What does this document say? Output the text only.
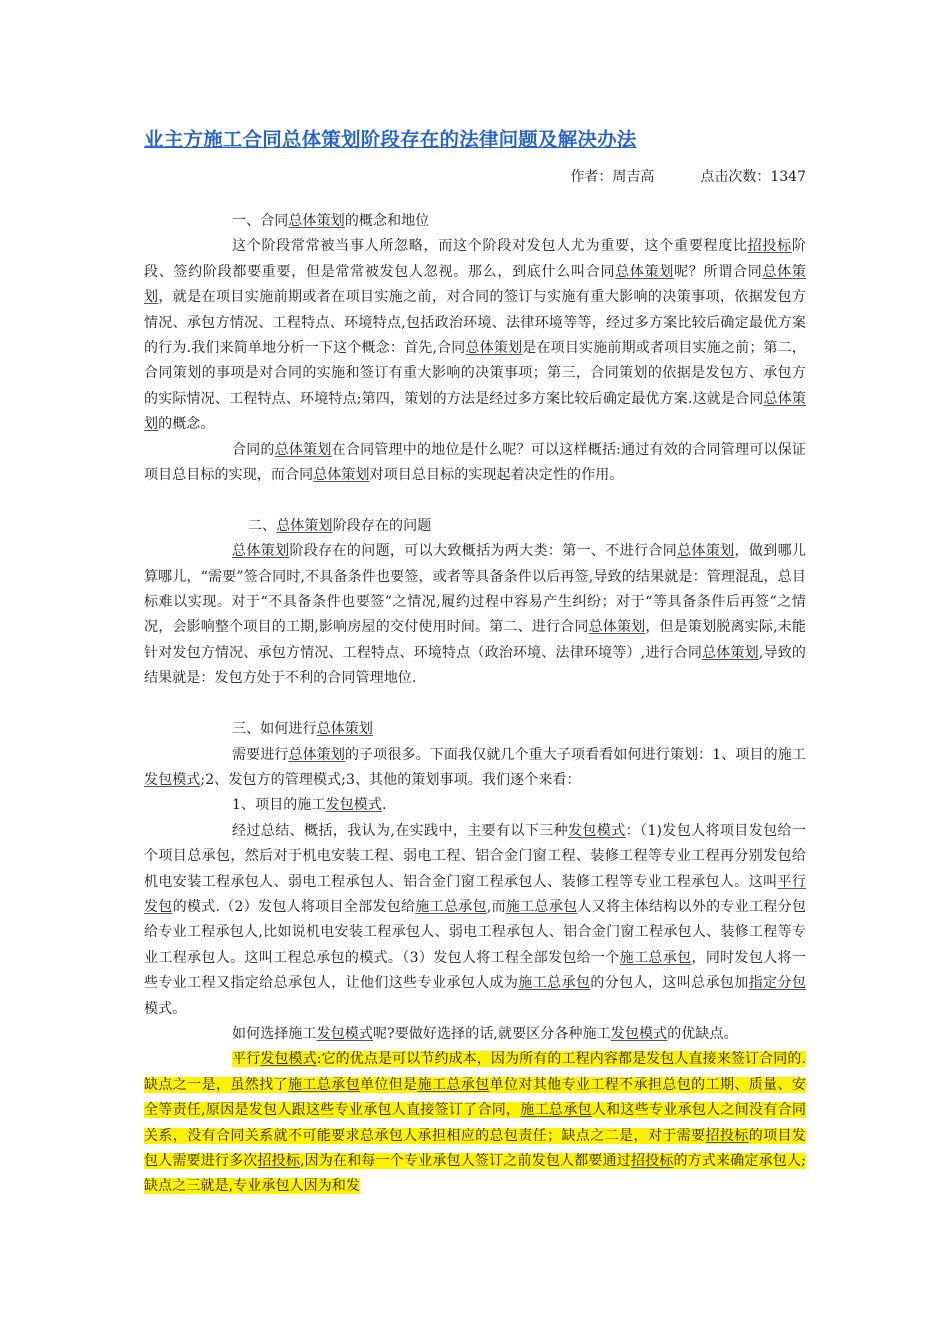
业主方施工合同总体策划阶段存在的法律问题及解决办法
作者：周吉高	点击次数：1347

一、合同总体策划的概念和地位

这个阶段常常被当事人所忽略，而这个阶段对发包人尤为重要，这个重要程度比招投标阶段、签约阶段都要重要，但是常常被发包人忽视。那么，到底什么叫合同总体策划呢？所谓合同总体策划，就是在项目实施前期或者在项目实施之前，对合同的签订与实施有重大影响的决策事项，依据发包方情况、承包方情况、工程特点、环境特点,包括政治环境、法律环境等等，经过多方案比较后确定最优方案的行为.我们来简单地分析一下这个概念：首先,合同总体策划是在项目实施前期或者项目实施之前；第二，合同策划的事项是对合同的实施和签订有重大影响的决策事项；第三，合同策划的依据是发包方、承包方的实际情况、工程特点、环境特点;第四，策划的方法是经过多方案比较后确定最优方案.这就是合同总体策划的概念。

合同的总体策划在合同管理中的地位是什么呢？可以这样概括:通过有效的合同管理可以保证项目总目标的实现，而合同总体策划对项目总目标的实现起着决定性的作用。

二、总体策划阶段存在的问题

总体策划阶段存在的问题，可以大致概括为两大类：第一、不进行合同总体策划，做到哪儿算哪儿，“需要”签合同时,不具备条件也要签，或者等具备条件以后再签,导致的结果就是：管理混乱，总目标难以实现。对于“不具备条件也要签”之情况,履约过程中容易产生纠纷；对于“等具备条件后再签”之情况，会影响整个项目的工期,影响房屋的交付使用时间。第二、进行合同总体策划，但是策划脱离实际,未能针对发包方情况、承包方情况、工程特点、环境特点（政治环境、法律环境等）,进行合同总体策划,导致的结果就是：发包方处于不利的合同管理地位.

三、如何进行总体策划

需要进行总体策划的子项很多。下面我仅就几个重大子项看看如何进行策划：1、项目的施工发包模式;2、发包方的管理模式;3、其他的策划事项。我们逐个来看：

1、项目的施工发包模式.

经过总结、概括，我认为,在实践中，主要有以下三种发包模式：（1)发包人将项目发包给一个项目总承包，然后对于机电安装工程、弱电工程、铝合金门窗工程、装修工程等专业工程再分别发包给机电安装工程承包人、弱电工程承包人、铝合金门窗工程承包人、装修工程等专业工程承包人。这叫平行发包的模式.（2）发包人将项目全部发包给施工总承包,而施工总承包人又将主体结构以外的专业工程分包给专业工程承包人,比如说机电安装工程承包人、弱电工程承包人、铝合金门窗工程承包人、装修工程等专业工程承包人。这叫工程总承包的模式。（3）发包人将工程全部发包给一个施工总承包，同时发包人将一些专业工程又指定给总承包人，让他们这些专业承包人成为施工总承包的分包人，这叫总承包加指定分包模式。

如何选择施工发包模式呢?要做好选择的话,就要区分各种施工发包模式的优缺点。

平行发包模式:它的优点是可以节约成本，因为所有的工程内容都是发包人直接来签订合同的.缺点之一是，虽然找了施工总承包单位但是施工总承包单位对其他专业工程不承担总包的工期、质量、安全等责任,原因是发包人跟这些专业承包人直接签订了合同，施工总承包人和这些专业承包人之间没有合同关系，没有合同关系就不可能要求总承包人承担相应的总包责任；缺点之二是，对于需要招投标的项目发包人需要进行多次招投标,因为在和每一个专业承包人签订之前发包人都要通过招投标的方式来确定承包人;缺点之三就是,专业承包人因为和发
